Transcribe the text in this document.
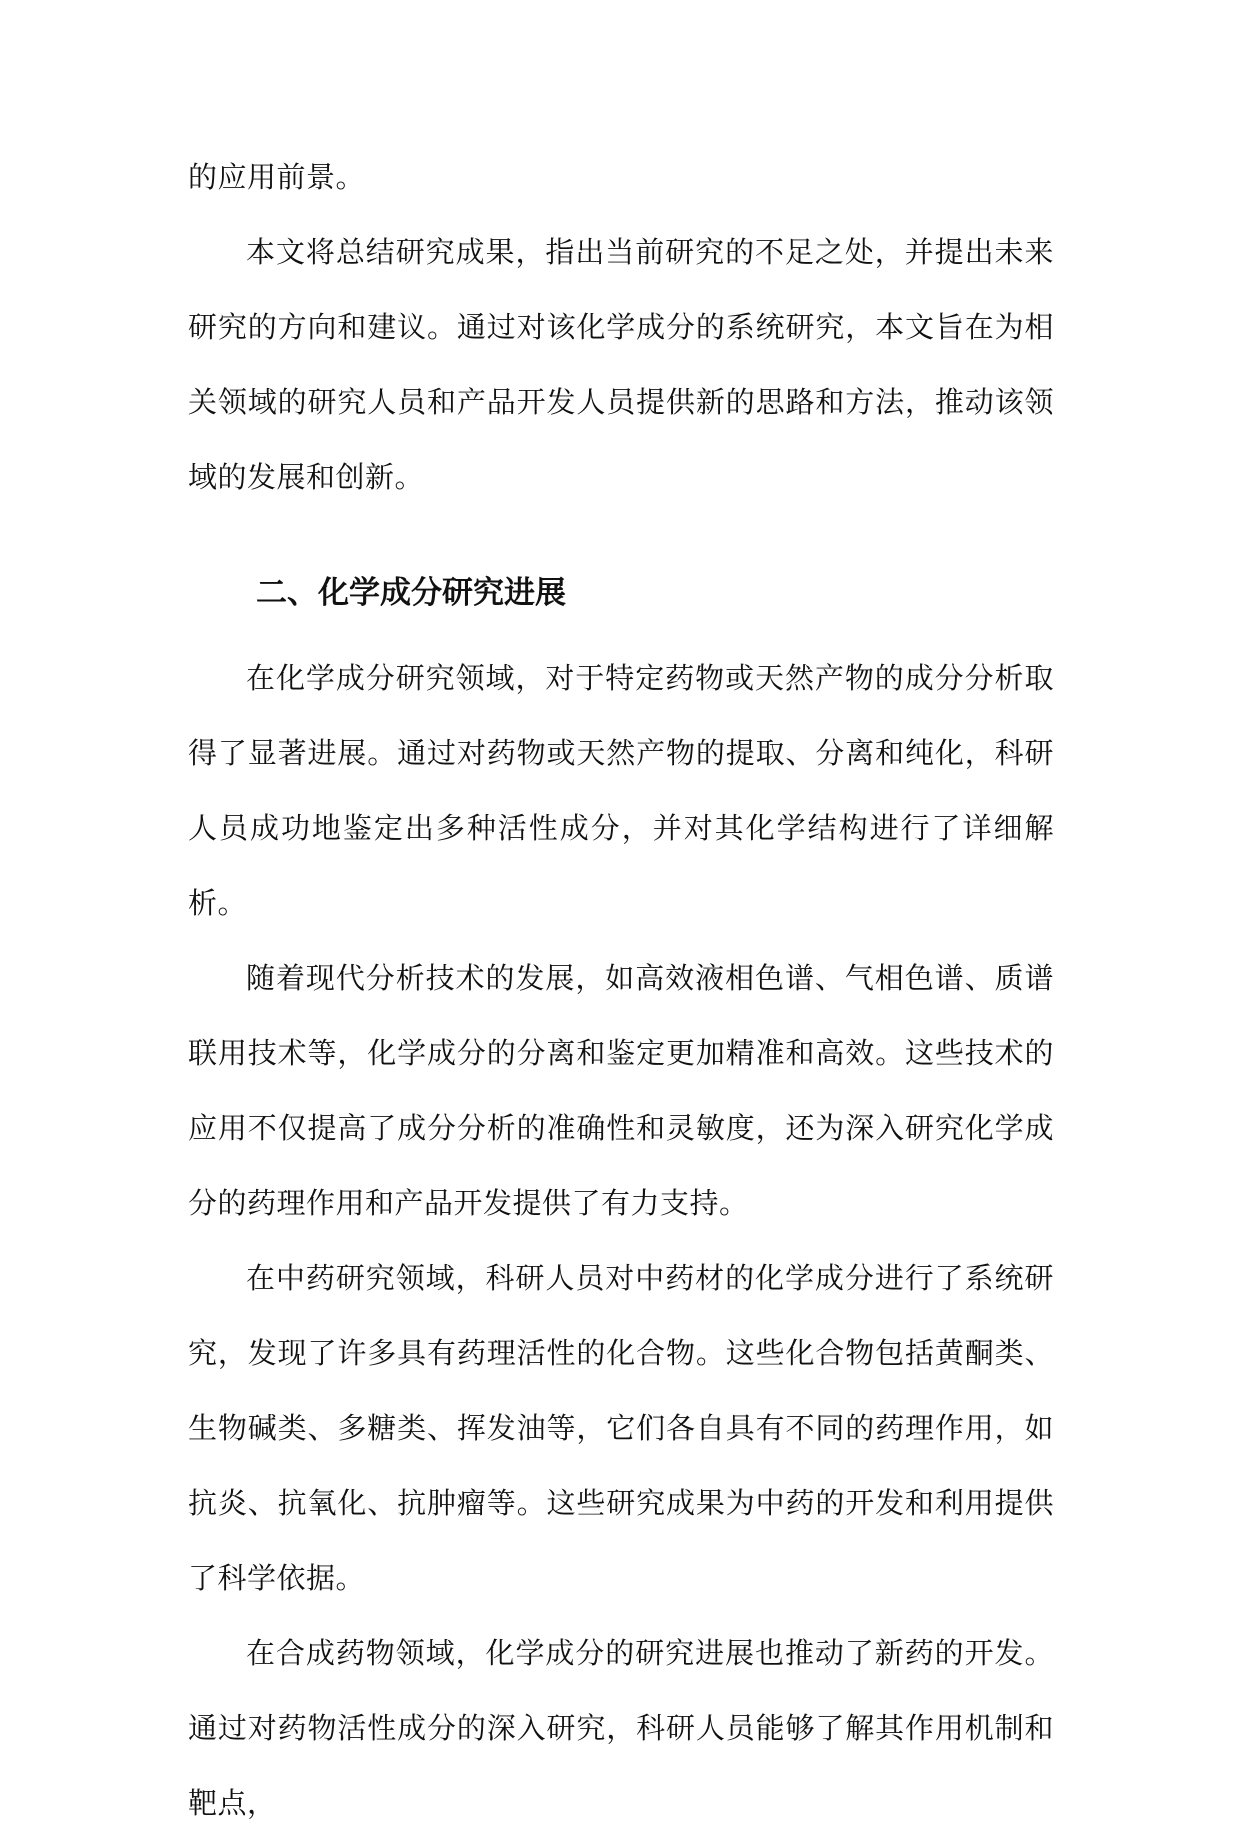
的应用前景。

本文将总结研究成果，指出当前研究的不足之处，并提出未来研究的方向和建议。通过对该化学成分的系统研究，本文旨在为相关领域的研究人员和产品开发人员提供新的思路和方法，推动该领域的发展和创新。

二、化学成分研究进展

在化学成分研究领域，对于特定药物或天然产物的成分分析取得了显著进展。通过对药物或天然产物的提取、分离和纯化，科研人员成功地鉴定出多种活性成分，并对其化学结构进行了详细解析。

随着现代分析技术的发展，如高效液相色谱、气相色谱、质谱联用技术等，化学成分的分离和鉴定更加精准和高效。这些技术的应用不仅提高了成分分析的准确性和灵敏度，还为深入研究化学成分的药理作用和产品开发提供了有力支持。

在中药研究领域，科研人员对中药材的化学成分进行了系统研究，发现了许多具有药理活性的化合物。这些化合物包括黄酮类、生物碱类、多糖类、挥发油等，它们各自具有不同的药理作用，如抗炎、抗氧化、抗肿瘤等。这些研究成果为中药的开发和利用提供了科学依据。

在合成药物领域，化学成分的研究进展也推动了新药的开发。通过对药物活性成分的深入研究，科研人员能够了解其作用机制和靶点，
